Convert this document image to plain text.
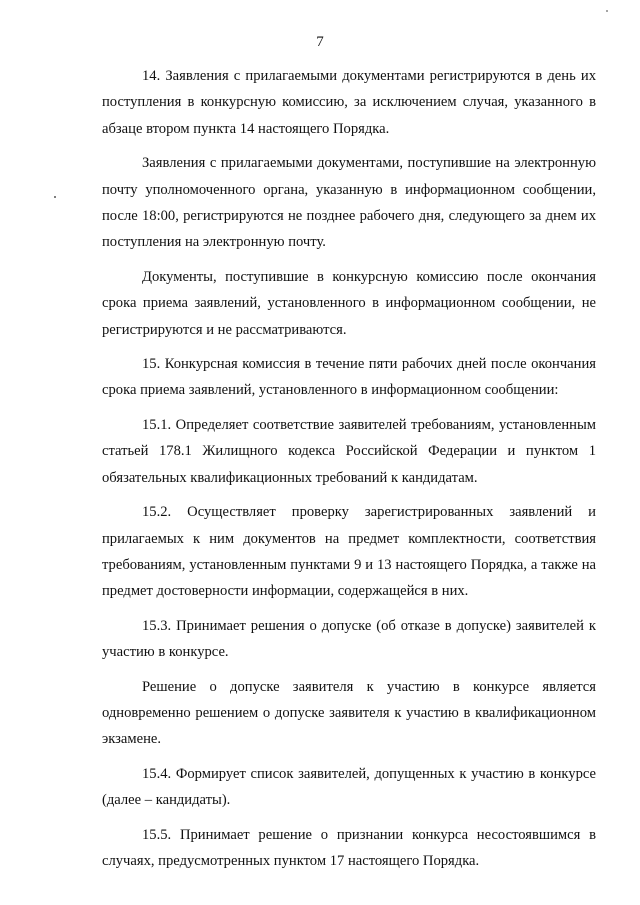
7

14. Заявления с прилагаемыми документами регистрируются в день их поступления в конкурсную комиссию, за исключением случая, указанного в абзаце втором пункта 14 настоящего Порядка.

Заявления с прилагаемыми документами, поступившие на электронную почту уполномоченного органа, указанную в информационном сообщении, после 18:00, регистрируются не позднее рабочего дня, следующего за днем их поступления на электронную почту.

Документы, поступившие в конкурсную комиссию после окончания срока приема заявлений, установленного в информационном сообщении, не регистрируются и не рассматриваются.

15. Конкурсная комиссия в течение пяти рабочих дней после окончания срока приема заявлений, установленного в информационном сообщении:

15.1. Определяет соответствие заявителей требованиям, установленным статьей 178.1 Жилищного кодекса Российской Федерации и пунктом 1 обязательных квалификационных требований к кандидатам.

15.2. Осуществляет проверку зарегистрированных заявлений и прилагаемых к ним документов на предмет комплектности, соответствия требованиям, установленным пунктами 9 и 13 настоящего Порядка, а также на предмет достоверности информации, содержащейся в них.

15.3. Принимает решения о допуске (об отказе в допуске) заявителей к участию в конкурсе.

Решение о допуске заявителя к участию в конкурсе является одновременно решением о допуске заявителя к участию в квалификационном экзамене.

15.4. Формирует список заявителей, допущенных к участию в конкурсе (далее – кандидаты).

15.5. Принимает решение о признании конкурса несостоявшимся в случаях, предусмотренных пунктом 17 настоящего Порядка.
